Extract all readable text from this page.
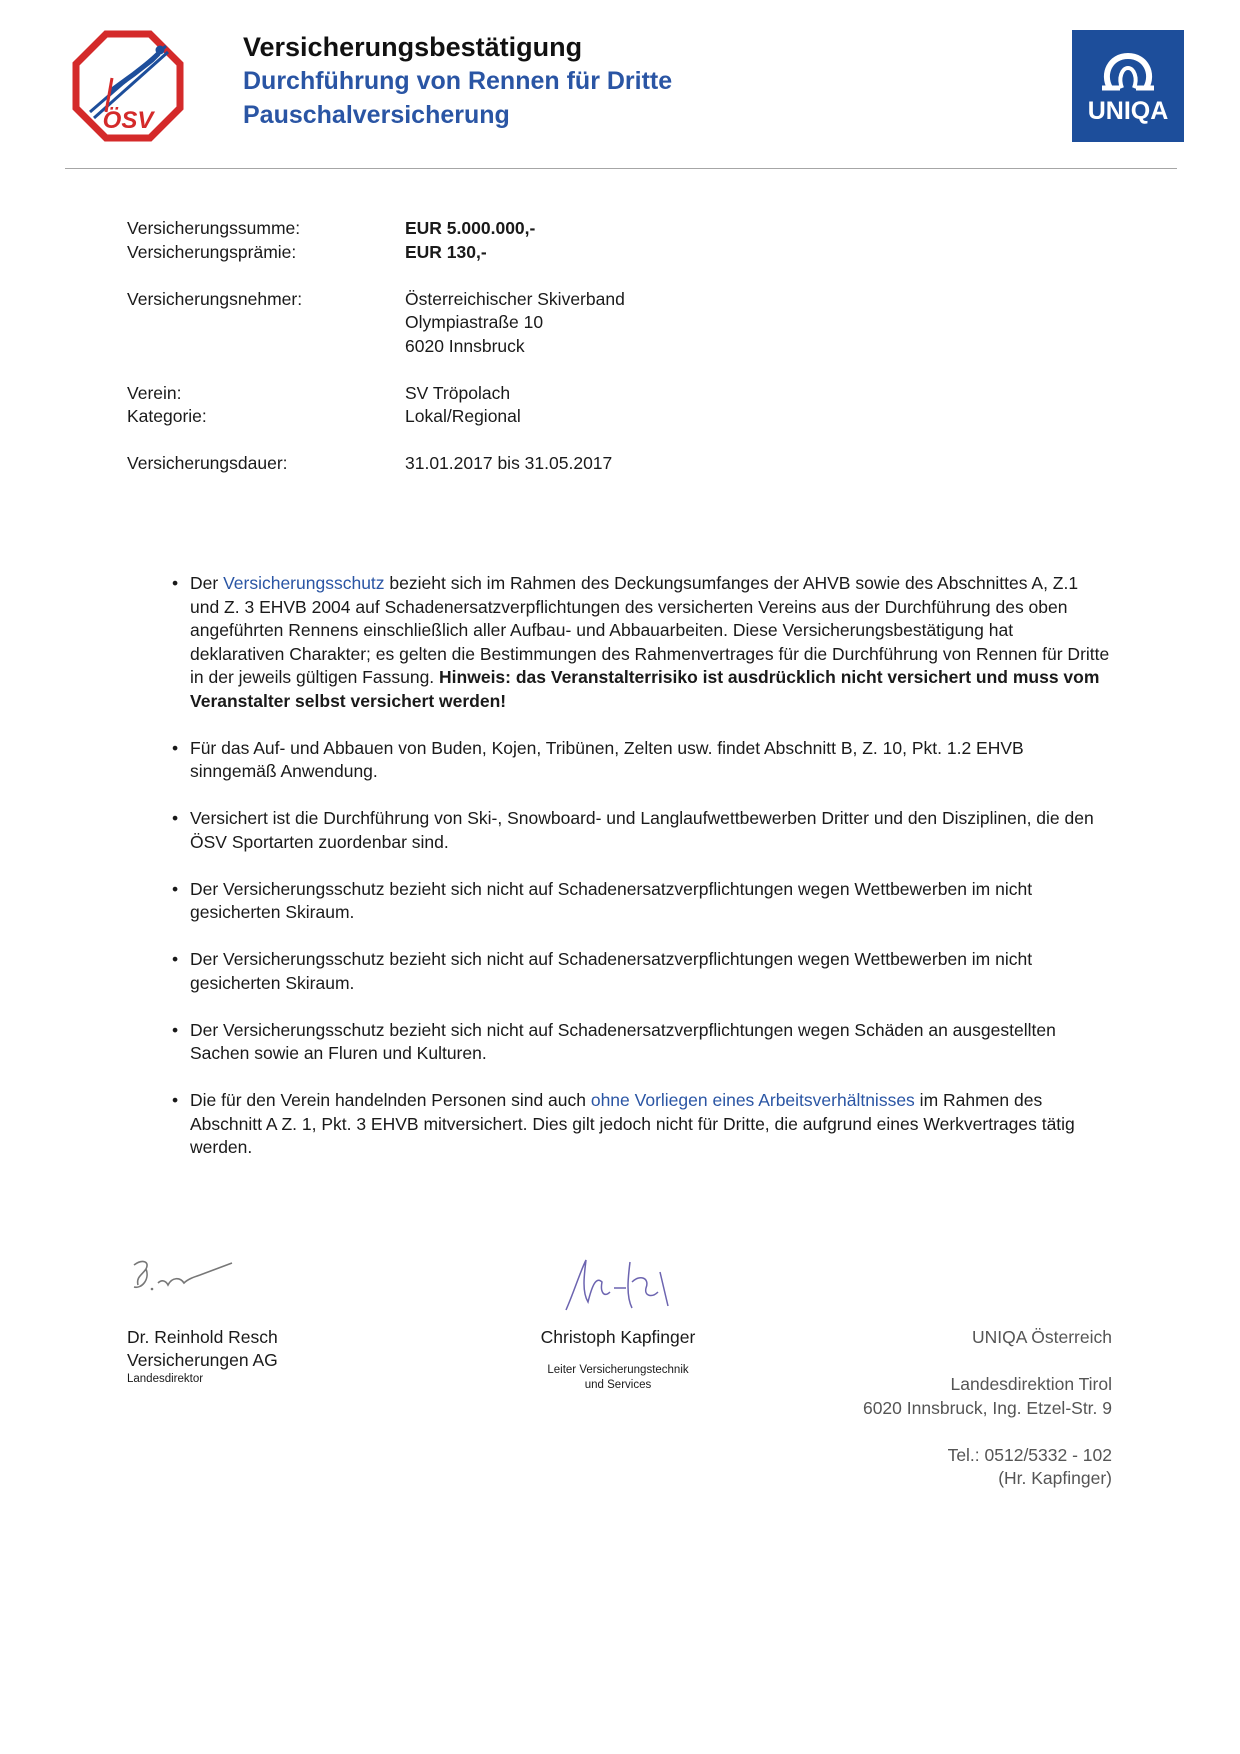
ÖSV
Versicherungsbestätigung
Durchführung von Rennen für Dritte
Pauschalversicherung	UNIQA
Versicherungssumme:	EUR 5.000.000,-
Versicherungsprämie:	EUR 130,-
Versicherungsnehmer:	Österreichischer Skiverband
Olympiastraße 10
6020 Innsbruck
Verein:	SV Tröpolach
Kategorie:	Lokal/Regional
Versicherungsdauer:	31.01.2017 bis 31.05.2017
• Der Versicherungsschutz bezieht sich im Rahmen des Deckungsumfanges der AHVB sowie des Abschnittes A, Z.1 und Z. 3 EHVB 2004 auf Schadenersatzverpflichtungen des versicherten Vereins aus der Durchführung des oben angeführten Rennens einschließlich aller Aufbau- und Abbauarbeiten. Diese Versicherungsbestätigung hat deklarativen Charakter; es gelten die Bestimmungen des Rahmenvertrages für die Durchführung von Rennen für Dritte in der jeweils gültigen Fassung. Hinweis: das Veranstalterrisiko ist ausdrücklich nicht versichert und muss vom Veranstalter selbst versichert werden!
• Für das Auf- und Abbauen von Buden, Kojen, Tribünen, Zelten usw. findet Abschnitt B, Z. 10, Pkt. 1.2 EHVB sinngemäß Anwendung.
• Versichert ist die Durchführung von Ski-, Snowboard- und Langlaufwettbewerben Dritter und den Disziplinen, die den ÖSV Sportarten zuordenbar sind.
• Der Versicherungsschutz bezieht sich nicht auf Schadenersatzverpflichtungen wegen Wettbewerben im nicht gesicherten Skiraum.
• Der Versicherungsschutz bezieht sich nicht auf Schadenersatzverpflichtungen wegen Wettbewerben im nicht gesicherten Skiraum.
• Der Versicherungsschutz bezieht sich nicht auf Schadenersatzverpflichtungen wegen Schäden an ausgestellten Sachen sowie an Fluren und Kulturen.
• Die für den Verein handelnden Personen sind auch ohne Vorliegen eines Arbeitsverhältnisses im Rahmen des Abschnitt A Z. 1, Pkt. 3 EHVB mitversichert. Dies gilt jedoch nicht für Dritte, die aufgrund eines Werkvertrages tätig werden.
Dr. Reinhold Resch
Versicherungen AG
Landesdirektor
Christoph Kapfinger
Leiter Versicherungstechnik
und Services
UNIQA Österreich
Landesdirektion Tirol
6020 Innsbruck, Ing. Etzel-Str. 9
Tel.: 0512/5332 - 102
(Hr. Kapfinger)
